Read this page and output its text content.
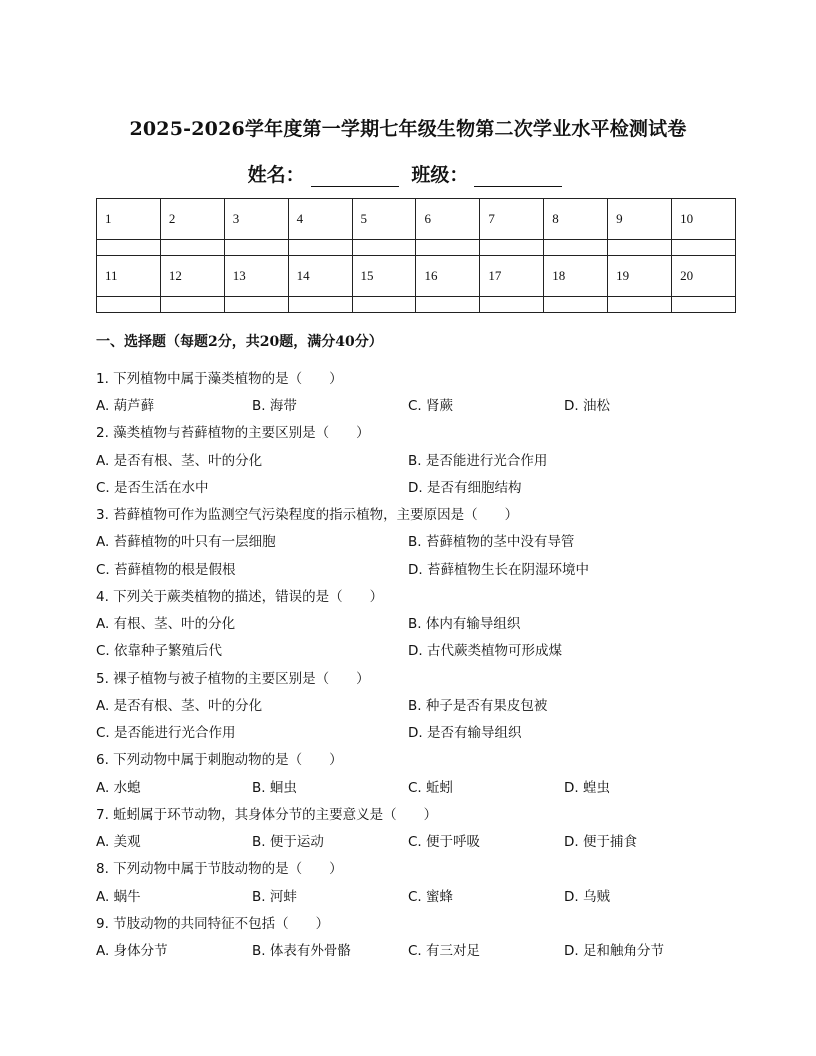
2025-2026学年度第一学期七年级生物第二次学业水平检测试卷
姓名：	班级：
1	2	3	4	5	6	7	8	9	10

11	12	13	14	15	16	17	18	19	20

一、选择题（每题2分，共20题，满分40分）
1. 下列植物中属于藻类植物的是（　　）
A. 葫芦藓	B. 海带	C. 肾蕨	D. 油松
2. 藻类植物与苔藓植物的主要区别是（　　）
A. 是否有根、茎、叶的分化	B. 是否能进行光合作用
C. 是否生活在水中	D. 是否有细胞结构
3. 苔藓植物可作为监测空气污染程度的指示植物，主要原因是（　　）
A. 苔藓植物的叶只有一层细胞	B. 苔藓植物的茎中没有导管
C. 苔藓植物的根是假根	D. 苔藓植物生长在阴湿环境中
4. 下列关于蕨类植物的描述，错误的是（　　）
A. 有根、茎、叶的分化	B. 体内有输导组织
C. 依靠种子繁殖后代	D. 古代蕨类植物可形成煤
5. 裸子植物与被子植物的主要区别是（　　）
A. 是否有根、茎、叶的分化	B. 种子是否有果皮包被
C. 是否能进行光合作用	D. 是否有输导组织
6. 下列动物中属于刺胞动物的是（　　）
A. 水螅	B. 蛔虫	C. 蚯蚓	D. 蝗虫
7. 蚯蚓属于环节动物，其身体分节的主要意义是（　　）
A. 美观	B. 便于运动	C. 便于呼吸	D. 便于捕食
8. 下列动物中属于节肢动物的是（　　）
A. 蜗牛	B. 河蚌	C. 蜜蜂	D. 乌贼
9. 节肢动物的共同特征不包括（　　）
A. 身体分节	B. 体表有外骨骼	C. 有三对足	D. 足和触角分节
